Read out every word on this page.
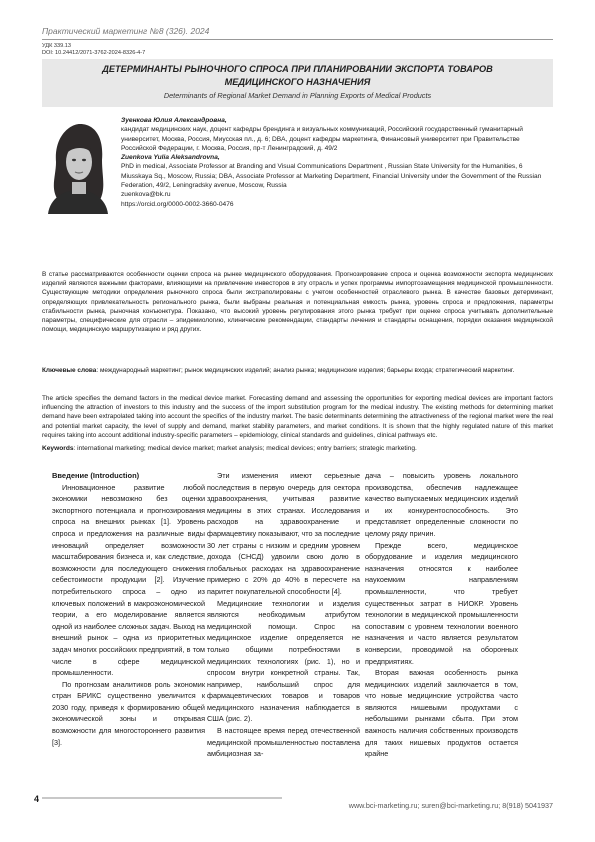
Практический маркетинг №8 (326). 2024
УДК 339.13
DOI: 10.24412/2071-3762-2024-8326-4-7
ДЕТЕРМИНАНТЫ РЫНОЧНОГО СПРОСА ПРИ ПЛАНИРОВАНИИ ЭКСПОРТА ТОВАРОВ МЕДИЦИНСКОГО НАЗНАЧЕНИЯ
Determinants of Regional Market Demand in Planning Exports of Medical Products
Зуенкова Юлия Александровна,
кандидат медицинских наук, доцент кафедры брендинга и визуальных коммуникаций, Российский государственный гуманитарный университет, Москва, Россия, Миусская пл., д. 6; DBA, доцент кафедры маркетинга, Финансовый университет при Правительстве Российской Федерации, г. Москва, Россия, пр-т Ленинградский, д. 49/2
Zuenkova Yulia Aleksandrovna,
PhD in medical, Associate Professor at Branding and Visual Communications Department , Russian State University for the Humanities, 6 Miusskaya Sq., Moscow, Russia; DBA, Associate Professor at Marketing Department, Financial University under the Government of the Russian Federation, 49/2, Leningradsky avenue, Moscow, Russia
zuenkova@bk.ru
https://orcid.org/0000-0002-3660-0476
В статье рассматриваются особенности оценки спроса на рынке медицинского оборудования. Прогнозирование спроса и оценка возможности экспорта медицинских изделий являются важными факторами, влияющими на привлечение инвесторов в эту отрасль и успех программы импортозамещения медицинской промышленности. Существующие методики определения рыночного спроса были экстраполированы с учетом особенностей отраслевого рынка. В качестве базовых детерминант, определяющих привлекательность регионального рынка, были выбраны реальная и потенциальная емкость рынка, уровень спроса и предложения, параметры стабильности рынка, рыночная конъюнктура. Показано, что высокий уровень регулирования этого рынка требует при оценке спроса учитывать дополнительные параметры, специфические для отрасли – эпидемиологию, клинические рекомендации, стандарты лечения и стандарты оснащения, порядки оказания медицинской помощи, медицинскую маршрутизацию и ряд других.
Ключевые слова: международный маркетинг; рынок медицинских изделий; анализ рынка; медицинские изделия; барьеры входа; стратегический маркетинг.
The article specifies the demand factors in the medical device market. Forecasting demand and assessing the opportunities for exporting medical devices are important factors influencing the attraction of investors to this industry and the success of the import substitution program for the medical industry. The existing methods for determining market demand have been extrapolated taking into account the specifics of the industry market. The basic determinants determining the attractiveness of the regional market were the real and potential market capacity, the level of supply and demand, market stability parameters, and market conditions. It is shown that the highly regulated nature of this market requires taking into account additional industry-specific parameters – epidemiology, clinical standards and guidelines, clinical pathways etc.
Keywords: international marketing; medical device market; market analysis; medical devices; entry barriers; strategic marketing.

Введение (Introduction)

Инновационное развитие любой экономики невозможно без оценки экспортного потенциала и прогнозирования спроса на внешних рынках [1]. Уровень спроса и предложения на различные виды инноваций определяет возможности масштабирования бизнеса и, как следствие, возможности для последующего снижения себестоимости продукции [2]. Изучение потребительского спроса – одно из ключевых положений в макроэкономической теории, а его моделирование является одной из наиболее сложных задач. Выход на внешний рынок – одна из приоритетных задач многих российских предприятий, в том числе в сфере медицинской промышленности.

По прогнозам аналитиков роль экономик стран БРИКС существенно увеличится к 2030 году, приведя к формированию общей экономической зоны и открывая возможности для многостороннего развития [3].

Эти изменения имеют серьезные последствия в первую очередь для сектора здравоохранения, учитывая развитие медицины в этих странах. Исследования расходов на здравоохранение и фармацевтику показывают, что за последние 30 лет страны с низким и средним уровнем дохода (СНСД) удвоили свою долю в глобальных расходах на здравоохранение примерно с 20% до 40% в пересчете на паритет покупательной способности [4].

Медицинские технологии и изделия являются необходимым атрибутом медицинской помощи. Спрос на медицинское изделие определяется не только общими потребностями в медицинских технологиях (рис. 1), но и спросом внутри конкретной страны. Так, например, наибольший спрос для фармацевтических товаров и товаров медицинского назначения наблюдается в США (рис. 2).

В настоящее время перед отечественной медицинской промышленностью поставлена амбициозная за-

дача – повысить уровень локального производства, обеспечив надлежащее качество выпускаемых медицинских изделий и их конкурентоспособность. Это представляет определенные сложности по целому ряду причин.

Прежде всего, медицинское оборудование и изделия медицинского назначения относятся к наиболее наукоемким направлениям промышленности, что требует существенных затрат в НИОКР. Уровень технологии в медицинской промышленности сопоставим с уровнем технологии военного назначения и часто является результатом конверсии, проводимой на оборонных предприятиях.

Вторая важная особенность рынка медицинских изделий заключается в том, что новые медицинские устройства часто являются нишевыми продуктами с небольшими рынками сбыта. При этом важность наличия собственных производств для таких нишевых продуктов остается крайне

4
www.bci-marketing.ru; suren@bci-marketing.ru; 8(918) 5041937
